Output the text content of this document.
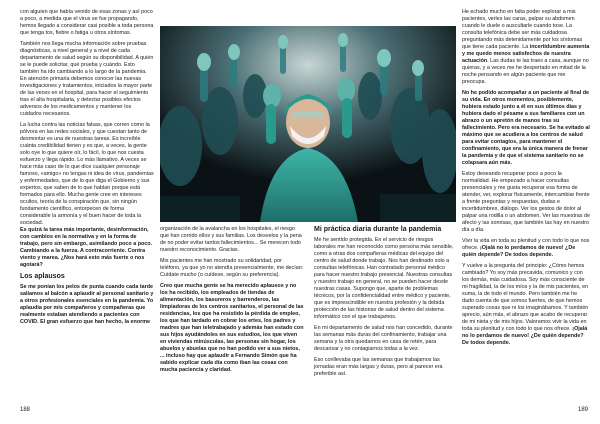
con alguien que había venido de esas zonas y así poco a poco, a medida que el virus se fue propagando, hemos llegado a considerar casi posible a toda persona que tenga tos, fiebre o fatiga u otros síntomas.

También nos llega mucha información sobre pruebas diagnósticas, a nivel general y a nivel de cada departamento de salud según su disponibilidad. A quién se le puede solicitar, qué prueba y cuándo. Esto también ha ido cambiando a lo largo de la pandemia.

En atención primaria debemos conocer las nuevas investigaciones y tratamientos, iniciados la mayor parte de las veces en el hospital, para hacer el seguimiento tras el alta hospitalaria, y detectar posibles efectos adversos de los medicamentos y mantener los cuidados necesarios.

La lucha contra las noticias falsas, que corren como la pólvora en las redes sociales, y que cuestan tanto de desmontar es una de nuestras tareas. Es increíble cuánta credibilidad tienen y es que, a veces, la gente solo oye lo que quiere oír, lo fácil, lo que nos cuesta esfuerzo y llega rápido. Lo más llamativo. A veces se hace más caso de lo que dice cualquier personaje famoso, «amigo» no tengas ni idea de virus, pandemias y enfermedades, que de lo que diga el Gobierno y sus expertos, que saben de lo que hablan porque está formados para ello. Mucha gente cree en intereses ocultos, teoría de la conspiración que, sin ningún fundamento científico, entorpecen de forma considerable la armonía y el buen hacer de toda la sociedad.

Es quizá la tarea más importante, desinformación, con cambios en la normativa y en la forma de trabajo, pero sin embargo, asimilando poco a poco. Cambiando a la fuerza. A contracorriente. Contra viento y marea. ¿Nos hará esto más fuerte o nos agotará?

Los aplausos

Se me ponían los pelos de punta cuando cada tarde salíamos al balcón a aplaudir al personal sanitario y a otros profesionales esenciales en la pandemia. Yo aplaudía por mis compañeros y compañeras que realmente estaban atendiendo a pacientes con COVID. El gran esfuerzo que han hecho, la enorme

188

organización de la avalancha en los hospitales, el riesgo que han corrido ellos y sus familias. Los desvelos y la pena de no poder evitar tantos fallecimientos... Se merecen todo nuestro reconocimiento. Gracias.

Mis pacientes me han mostrado su solidaridad, por teléfono, ya que yo no atendía presencialmente, me decían: Cuídate mucho (o cuídese, según su preferencia).

Creo que mucha gente se ha merecido aplausos y no los ha recibido, los empleados de tiendas de alimentación, los basureros y barrenderos, las limpiadoras de los centros sanitarios, el personal de las residencias, los que ha resistido la pérdida de empleo, los que han tardado en cobrar los ertes, los padres y madres que han teletrabajado y además han estado con sus hijos ayudándoles en sus estudios, los que viven en viviendas minúsculas, las personas sin hogar, los abuelos y abuelas que no han podido ver a sus nietos, ... incluso hay que aplaudir a Fernando Simón que ha sabido explicar cada día como iban las cosas con mucha paciencia y claridad.

Mi práctica diaria durante la pandemia

Me he sentido protegida. En el servicio de riesgos laborales me han reconocido como persona más sensible, como a otras dos compañeras médicas del equipo del centro de salud donde trabajo. Nos han destinado solo a consultas telefónicas. Han contratado personal médico para hacer nuestro trabajo presencial. Nuestras consultas y nuestro trabajo en general, no se pueden hacer desde nuestras casas. Supongo que, aparte de problemas técnicos, por la confidencialidad entre médico y paciente, que es imprescindible en nuestra profesión y la debida protección de las historias de salud dentro del sistema informático con el que trabajamos.

En mi departamento de salud nos han concedido, durante las semanas más duras del confinamiento, trabajar una semana y la otra quedarnos en casa de retén, para descansar y no contagiarnos todas a la vez.

Eso conllevaba que las semanas que trabajamos las jornadas eran más largas y duras, pero al parecer era preferible así.

He echado mucho en falta poder explorar a mis pacientes, verles las caras, palpar su abdomen cuando le duele o auscultarle cuando tose. La consulta telefónica debe ser más cuidadosa preguntando más detenidamente por los síntomas que tiene cada paciente. La incertidumbre aumenta y me quedo menos satisfechos de nuestra actuación. Las dudas te las traes a casa, aunque no quieras, y a veces me he despertado en mitad de la noche pensando en algún paciente que me preocupa.

No he podido acompañar a un paciente al final de su vida. En otros momentos, posiblemente, hubiera estado junto a él en sus últimos días y hubiera dado el pésame a sus familiares con un abrazo o un apretón de manos tras su fallecimiento. Pero era necesario. Se ha evitado al máximo que se acudiera a los centros de salud para evitar contagios, para mantener el confinamiento, que era la única manera de frenar la pandemia y de que el sistema sanitario no se colapsara aún más.

Estoy deseando recuperar poco a poco la normalidad. He empezado a hacer consultas presenciales y me gusta recuperar esa forma de atender, ver, explorar físicamente, intercambiar frente a frente preguntas y respuestas, dudas e incertidumbres, diálogo. Ver los gestos de dolor al palpar una rodilla o un abdomen. Ver las muestras de afecto y las sonrisas, que también las hay en nuestro día a día.

Vivir la vida en toda su plenitud y con todo lo que nos ofrece. ¡Ojalá no lo perdamos de nuevo! ¿De quién depende? De todos depende.

Y vuelve a la pregunta del principio: ¿Cómo hemos cambiado? Yo soy más precavida, comunico y con los demás, más cuidadosa. Soy más consciente de mi fragilidad, la de los míos y la de mis pacientes, en suma, la de todo el mundo. Pero también me he dado cuenta de que somos fuertes, de que hemos superado cosas que ni los imaginábamos. Y también aprecio, aún más, el abrazo que acabo de recuperar de mi nieta y de mis hijos. Valoramos vivir la vida en toda su plenitud y con todo lo que nos ofrece. ¡Ojalá no lo perdamos de nuevo! ¿De quién depende? De todos depende.

189
